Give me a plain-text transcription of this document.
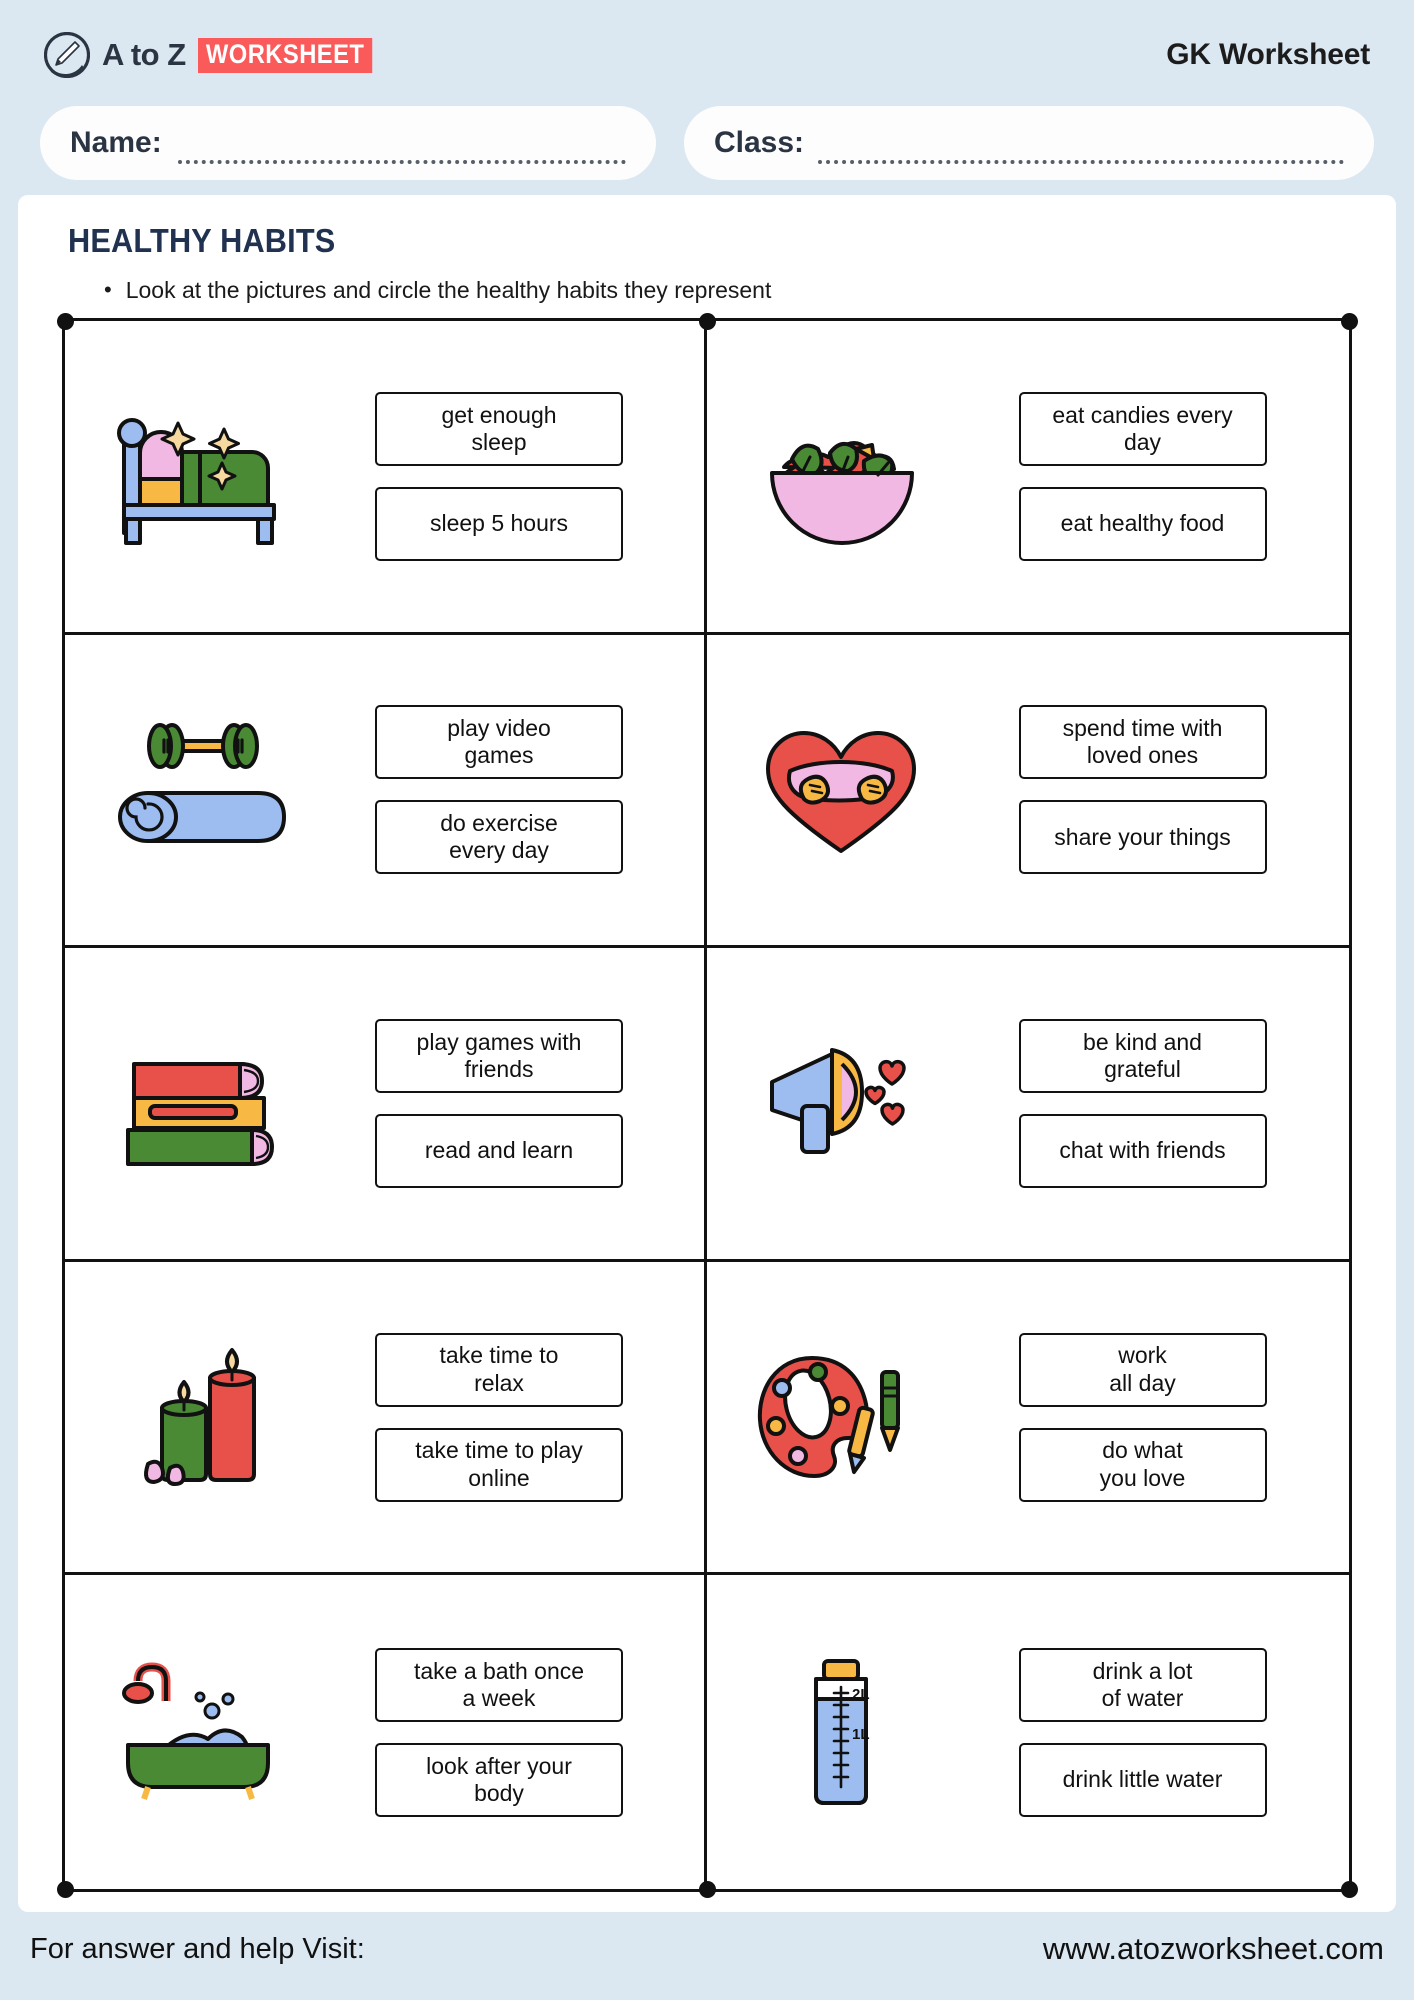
A to Z WORKSHEET	GK Worksheet
Name:	Class:
HEALTHY HABITS
• Look at the pictures and circle the healthy habits they represent
get enough
sleep
sleep 5 hours
eat candies every
day
eat healthy food
play video
games
do exercise
every day
spend time with
loved ones
share your things
play games with
friends
read and learn
be kind and
grateful
chat with friends
take time to
relax
take time to play
online
work
all day
do what
you love
take a bath once
a week
look after your
body
2L
1L
drink a lot
of water
drink little water
For answer and help Visit:	www.atozworksheet.com
